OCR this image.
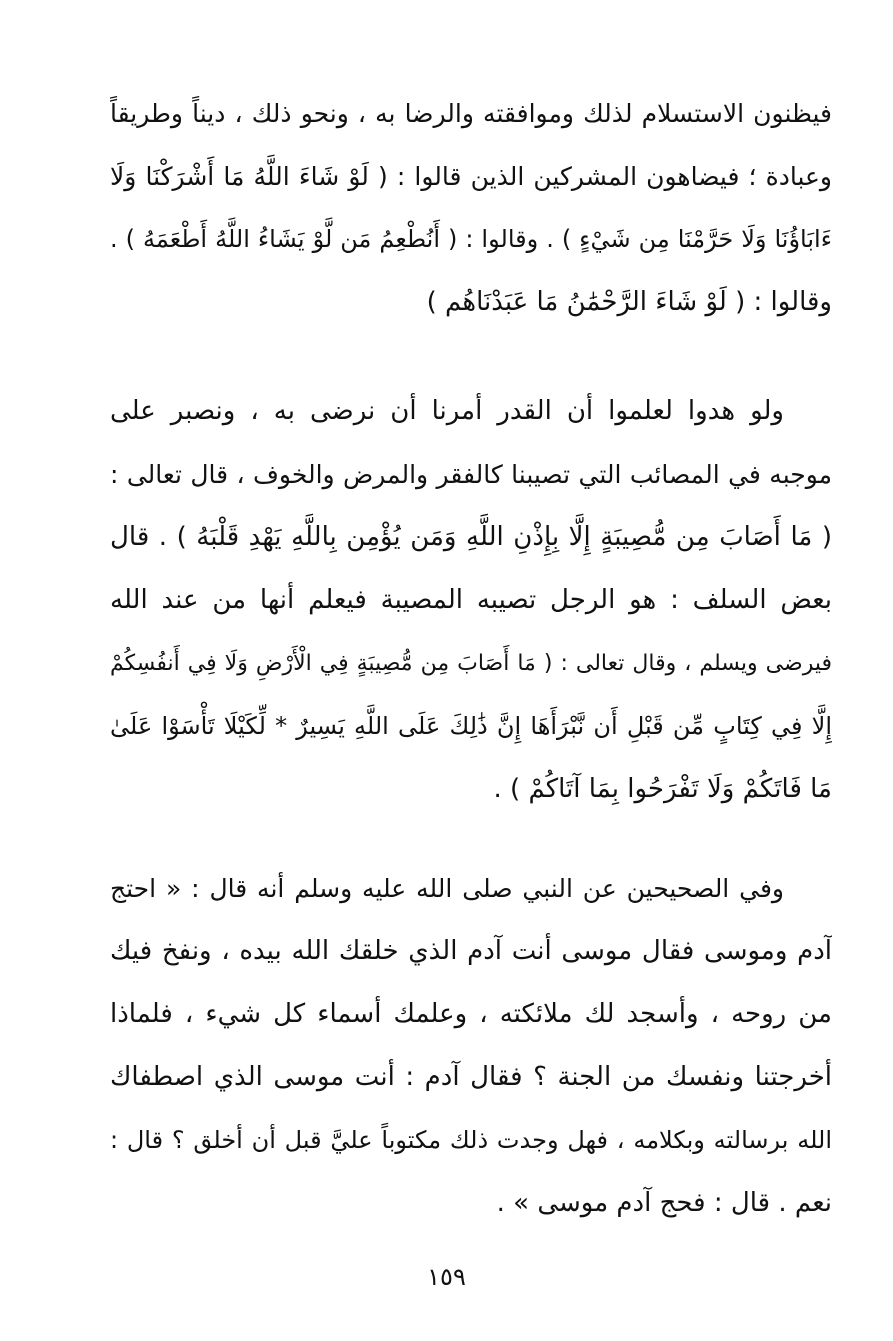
فيظنون الاستسلام لذلك وموافقته والرضا به ، ونحو ذلك ، ديناً وطريقاً
وعبادة ؛ فيضاهون المشركين الذين قالوا : ( لَوْ شَاءَ اللَّهُ مَا أَشْرَكْنَا وَلَا
ءَابَاؤُنَا وَلَا حَرَّمْنَا مِن شَيْءٍ ) . وقالوا : ( أَنُطْعِمُ مَن لَّوْ يَشَاءُ اللَّهُ أَطْعَمَهُ ) .
وقالوا : ( لَوْ شَاءَ الرَّحْمَٰنُ مَا عَبَدْنَاهُم )
ولو هدوا لعلموا أن القدر أمرنا أن نرضى به ، ونصبر على
موجبه في المصائب التي تصيبنا كالفقر والمرض والخوف ، قال تعالى :
( مَا أَصَابَ مِن مُّصِيبَةٍ إِلَّا بِإِذْنِ اللَّهِ وَمَن يُؤْمِن بِاللَّهِ يَهْدِ قَلْبَهُ ) . قال
بعض السلف : هو الرجل تصيبه المصيبة فيعلم أنها من عند الله
فيرضى ويسلم ، وقال تعالى : ( مَا أَصَابَ مِن مُّصِيبَةٍ فِي الْأَرْضِ وَلَا فِي أَنفُسِكُمْ
إِلَّا فِي كِتَابٍ مِّن قَبْلِ أَن نَّبْرَأَهَا إِنَّ ذَٰلِكَ عَلَى اللَّهِ يَسِيرٌ * لِّكَيْلَا تَأْسَوْا عَلَىٰ
مَا فَاتَكُمْ وَلَا تَفْرَحُوا بِمَا آتَاكُمْ ) .
وفي الصحيحين عن النبي صلى الله عليه وسلم أنه قال : « احتج
آدم وموسى فقال موسى أنت آدم الذي خلقك الله بيده ، ونفخ فيك
من روحه ، وأسجد لك ملائكته ، وعلمك أسماء كل شيء ، فلماذا
أخرجتنا ونفسك من الجنة ؟ فقال آدم : أنت موسى الذي اصطفاك
الله برسالته وبكلامه ، فهل وجدت ذلك مكتوباً عليَّ قبل أن أخلق ؟ قال :
نعم . قال : فحج آدم موسى » .
١٥٩
